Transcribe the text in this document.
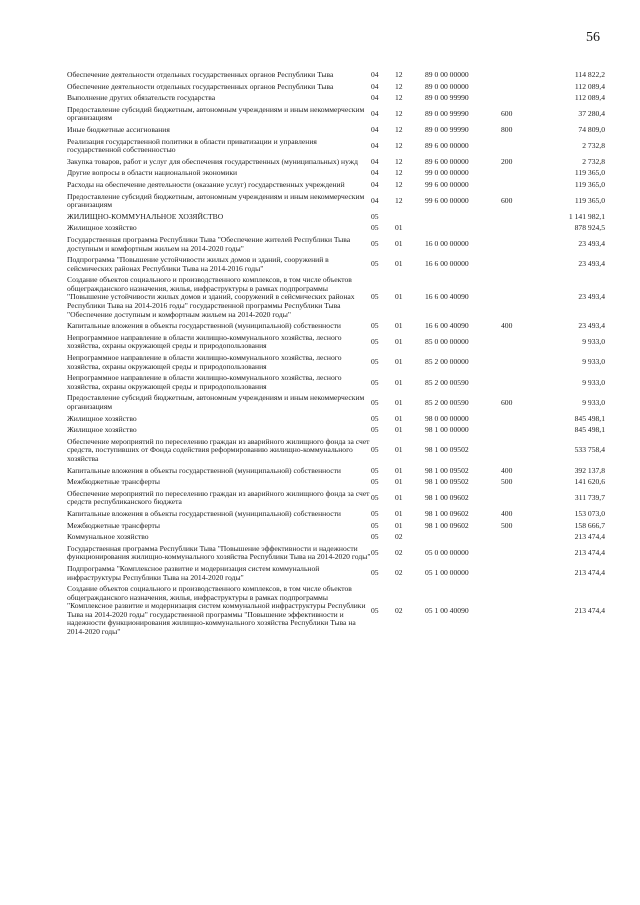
56
Обеспечение деятельности отдельных государственных органов Республики Тыва	04	12	89 0 00 00000		114 822,2
Обеспечение деятельности отдельных государственных органов Республики Тыва	04	12	89 0 00 00000		112 089,4
Выполнение других обязательств государства	04	12	89 0 00 99990		112 089,4
Предоставление субсидий бюджетным, автономным учреждениям и иным некоммерческим организациям	04	12	89 0 00 99990	600	37 280,4
Иные бюджетные ассигнования	04	12	89 0 00 99990	800	74 809,0
Реализация государственной политики в области приватизации и управления государственной собственностью	04	12	89 6 00 00000		2 732,8
Закупка товаров, работ и услуг для обеспечения государственных (муниципальных) нужд	04	12	89 6 00 00000	200	2 732,8
Другие вопросы в области национальной экономики	04	12	99 0 00 00000		119 365,0
Расходы на обеспечение деятельности (оказание услуг) государственных учреждений	04	12	99 6 00 00000		119 365,0
Предоставление субсидий бюджетным, автономным учреждениям и иным некоммерческим организациям	04	12	99 6 00 00000	600	119 365,0
ЖИЛИЩНО-КОММУНАЛЬНОЕ ХОЗЯЙСТВО	05				1 141 982,1
Жилищное хозяйство	05	01			878 924,5
Государственная программа Республики Тыва "Обеспечение жителей Республики Тыва доступным и комфортным жильем на 2014-2020 годы"	05	01	16 0 00 00000		23 493,4
Подпрограмма "Повышение устойчивости жилых домов и зданий, сооружений в сейсмических районах Республики Тыва на 2014-2016 годы"	05	01	16 6 00 00000		23 493,4
Создание объектов социального и производственного комплексов, в том числе объектов общегражданского назначения, жилья, инфраструктуры в рамках подпрограммы "Повышение устойчивости жилых домов и зданий, сооружений в сейсмических районах Республики Тыва на 2014-2016 годы" государственной программы Республики Тыва "Обеспечение доступным и комфортным жильем на 2014-2020 годы"	05	01	16 6 00 40090		23 493,4
Капитальные вложения в объекты государственной (муниципальной) собственности	05	01	16 6 00 40090	400	23 493,4
Непрограммное направление в области жилищно-коммунального хозяйства, лесного хозяйства, охраны окружающей среды и природопользования	05	01	85 0 00 00000		9 933,0
Непрограммное направление в области жилищно-коммунального хозяйства, лесного хозяйства, охраны окружающей среды и природопользования	05	01	85 2 00 00000		9 933,0
Непрограммное направление в области жилищно-коммунального хозяйства, лесного хозяйства, охраны окружающей среды и природопользования	05	01	85 2 00 00590		9 933,0
Предоставление субсидий бюджетным, автономным учреждениям и иным некоммерческим организациям	05	01	85 2 00 00590	600	9 933,0
Жилищное хозяйство	05	01	98 0 00 00000		845 498,1
Жилищное хозяйство	05	01	98 1 00 00000		845 498,1
Обеспечение мероприятий по переселению граждан из аварийного жилищного фонда за счет средств, поступивших от Фонда содействия реформированию жилищно-коммунального хозяйства	05	01	98 1 00 09502		533 758,4
Капитальные вложения в объекты государственной (муниципальной) собственности	05	01	98 1 00 09502	400	392 137,8
Межбюджетные трансферты	05	01	98 1 00 09502	500	141 620,6
Обеспечение мероприятий по переселению граждан из аварийного жилищного фонда за счет средств республиканского бюджета	05	01	98 1 00 09602		311 739,7
Капитальные вложения в объекты государственной (муниципальной) собственности	05	01	98 1 00 09602	400	153 073,0
Межбюджетные трансферты	05	01	98 1 00 09602	500	158 666,7
Коммунальное хозяйство	05	02			213 474,4
Государственная программа Республики Тыва "Повышение эффективности и надежности функционирования жилищно-коммунального хозяйства Республики Тыва на 2014-2020 годы"	05	02	05 0 00 00000		213 474,4
Подпрограмма "Комплексное развитие и модернизация систем коммунальной инфраструктуры Республики Тыва на 2014-2020 годы"	05	02	05 1 00 00000		213 474,4
Создание объектов социального и производственного комплексов, в том числе объектов общегражданского назначения, жилья, инфраструктуры в рамках подпрограммы "Комплексное развитие и модернизация систем коммунальной инфраструктуры Республики Тыва на 2014-2020 годы" государственной программы "Повышение эффективности и надежности функционирования жилищно-коммунального хозяйства Республики Тыва на 2014-2020 годы"	05	02	05 1 00 40090		213 474,4
